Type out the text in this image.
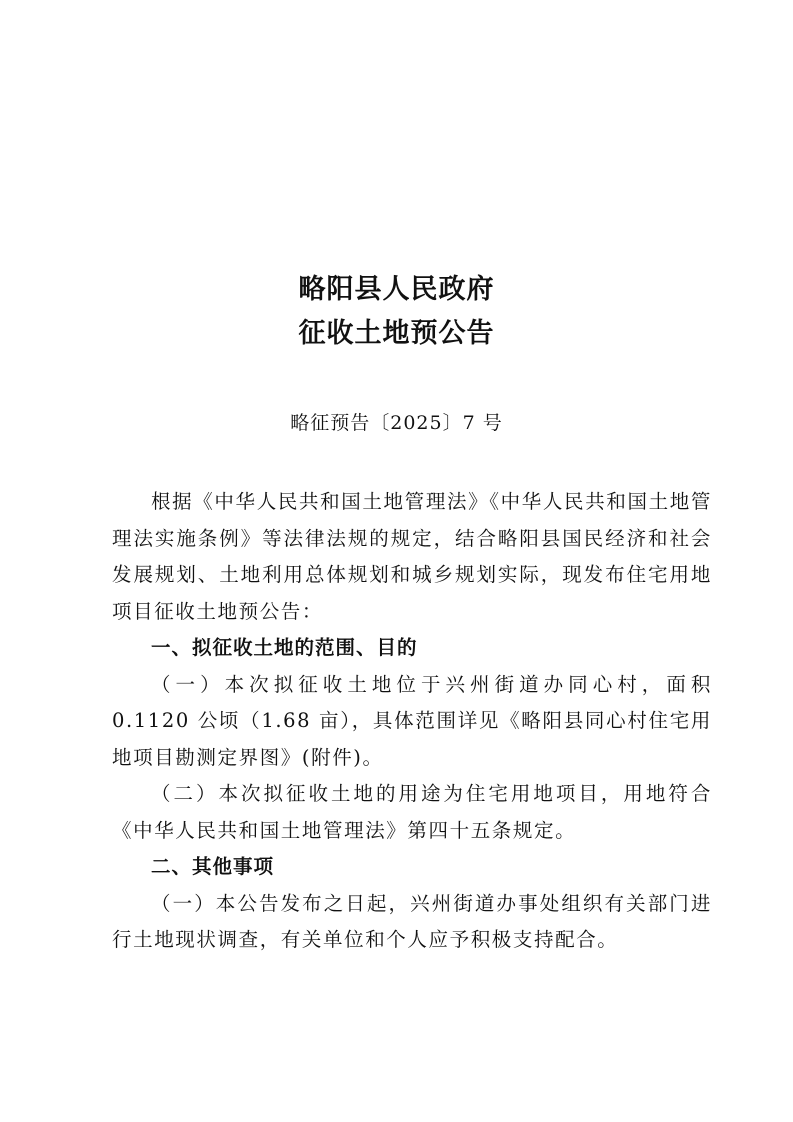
略阳县人民政府
征收土地预公告
略征预告〔2025〕7 号

根据《中华人民共和国土地管理法》《中华人民共和国土地管理法实施条例》等法律法规的规定，结合略阳县国民经济和社会发展规划、土地利用总体规划和城乡规划实际，现发布住宅用地项目征收土地预公告：

一、拟征收土地的范围、目的

（一）本次拟征收土地位于兴州街道办同心村，面积 0.1120 公顷（1.68 亩），具体范围详见《略阳县同心村住宅用地项目勘测定界图》(附件)。

（二）本次拟征收土地的用途为住宅用地项目，用地符合《中华人民共和国土地管理法》第四十五条规定。

二、其他事项

（一）本公告发布之日起，兴州街道办事处组织有关部门进行土地现状调查，有关单位和个人应予积极支持配合。
